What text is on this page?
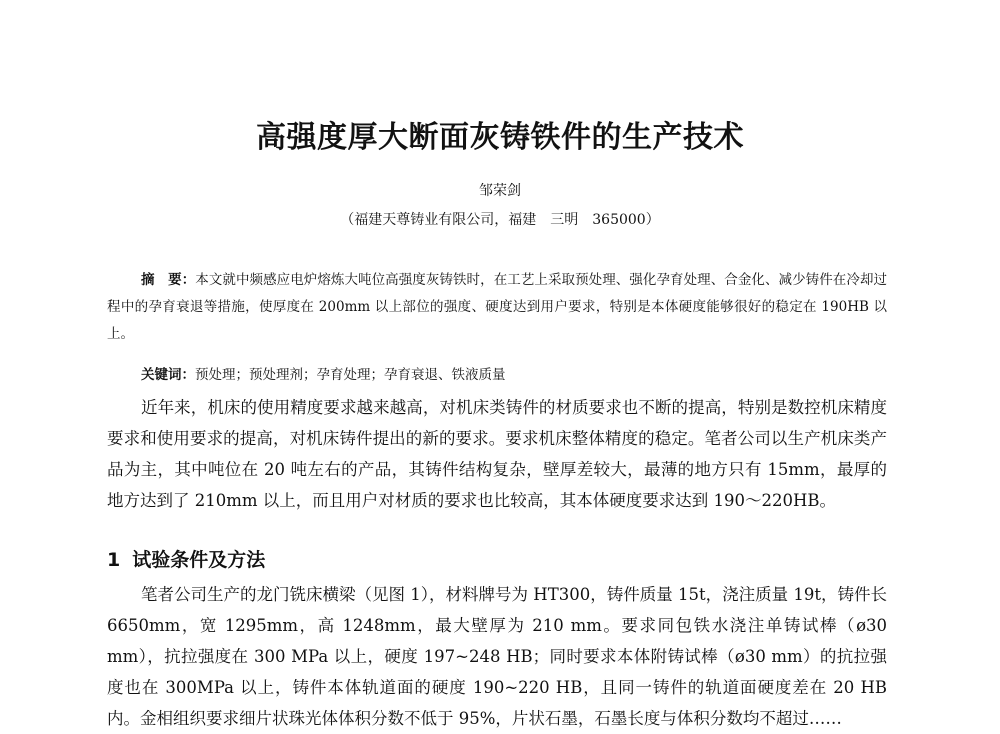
高强度厚大断面灰铸铁件的生产技术
邹荣剑
（福建天尊铸业有限公司，福建　三明　365000）
摘　要：本文就中频感应电炉熔炼大吨位高强度灰铸铁时，在工艺上采取预处理、强化孕育处理、合金化、减少铸件在冷却过程中的孕育衰退等措施，使厚度在 200mm 以上部位的强度、硬度达到用户要求，特别是本体硬度能够很好的稳定在 190HB 以上。
关键词：预处理；预处理剂；孕育处理；孕育衰退、铁液质量
近年来，机床的使用精度要求越来越高，对机床类铸件的材质要求也不断的提高，特别是数控机床精度要求和使用要求的提高，对机床铸件提出的新的要求。要求机床整体精度的稳定。笔者公司以生产机床类产品为主，其中吨位在 20 吨左右的产品，其铸件结构复杂，壁厚差较大，最薄的地方只有 15mm，最厚的地方达到了 210mm 以上，而且用户对材质的要求也比较高，其本体硬度要求达到 190～220HB。
1 试验条件及方法
笔者公司生产的龙门铣床横梁（见图 1），材料牌号为 HT300，铸件质量 15t，浇注质量 19t，铸件长 6650mm，宽 1295mm，高 1248mm，最大壁厚为 210 mm。要求同包铁水浇注单铸试棒（ø30 mm），抗拉强度在 300 MPa 以上，硬度 197~248 HB；同时要求本体附铸试棒（ø30 mm）的抗拉强度也在 300MPa 以上，铸件本体轨道面的硬度 190~220 HB，且同一铸件的轨道面硬度差在 20 HB 内。金相组织要求细片状珠光体体积分数不低于 95%，片状石墨，石墨长度与体积分数均不超过……
